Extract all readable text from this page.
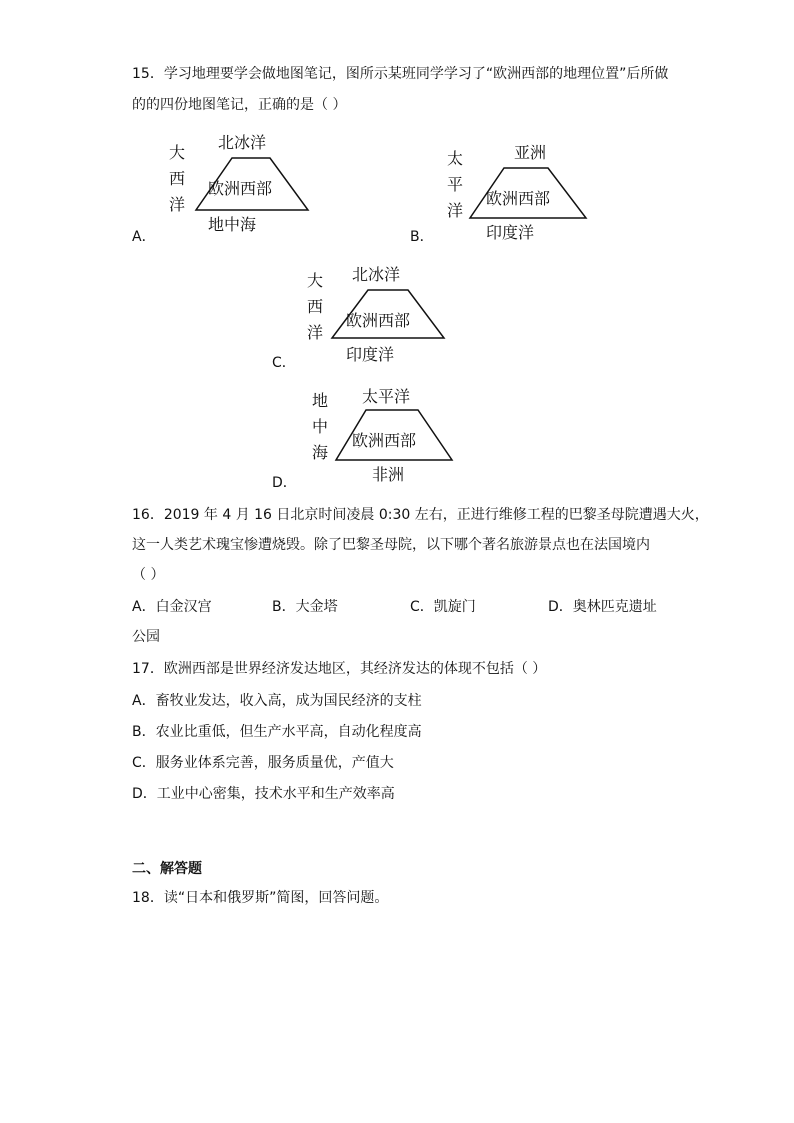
15．学习地理要学会做地图笔记，图所示某班同学学习了“欧洲西部的地理位置”后所做
的的四份地图笔记，正确的是（ ）
A．
北冰洋
大西洋
欧洲西部
地中海
B．
亚洲
太平洋
欧洲西部
印度洋
C．
北冰洋
大西洋
欧洲西部
印度洋
D．
太平洋
地中海
欧洲西部
非洲
16．2019 年 4 月 16 日北京时间凌晨 0:30 左右，正进行维修工程的巴黎圣母院遭遇大火，
这一人类艺术瑰宝惨遭烧毁。除了巴黎圣母院，以下哪个著名旅游景点也在法国境内
（ ）
A．白金汉宫	B．大金塔	C．凯旋门	D．奥林匹克遗址
公园
17．欧洲西部是世界经济发达地区，其经济发达的体现不包括（ ）
A．畜牧业发达，收入高，成为国民经济的支柱
B．农业比重低，但生产水平高，自动化程度高
C．服务业体系完善，服务质量优，产值大
D．工业中心密集，技术水平和生产效率高
二、解答题
18．读“日本和俄罗斯”简图，回答问题。
